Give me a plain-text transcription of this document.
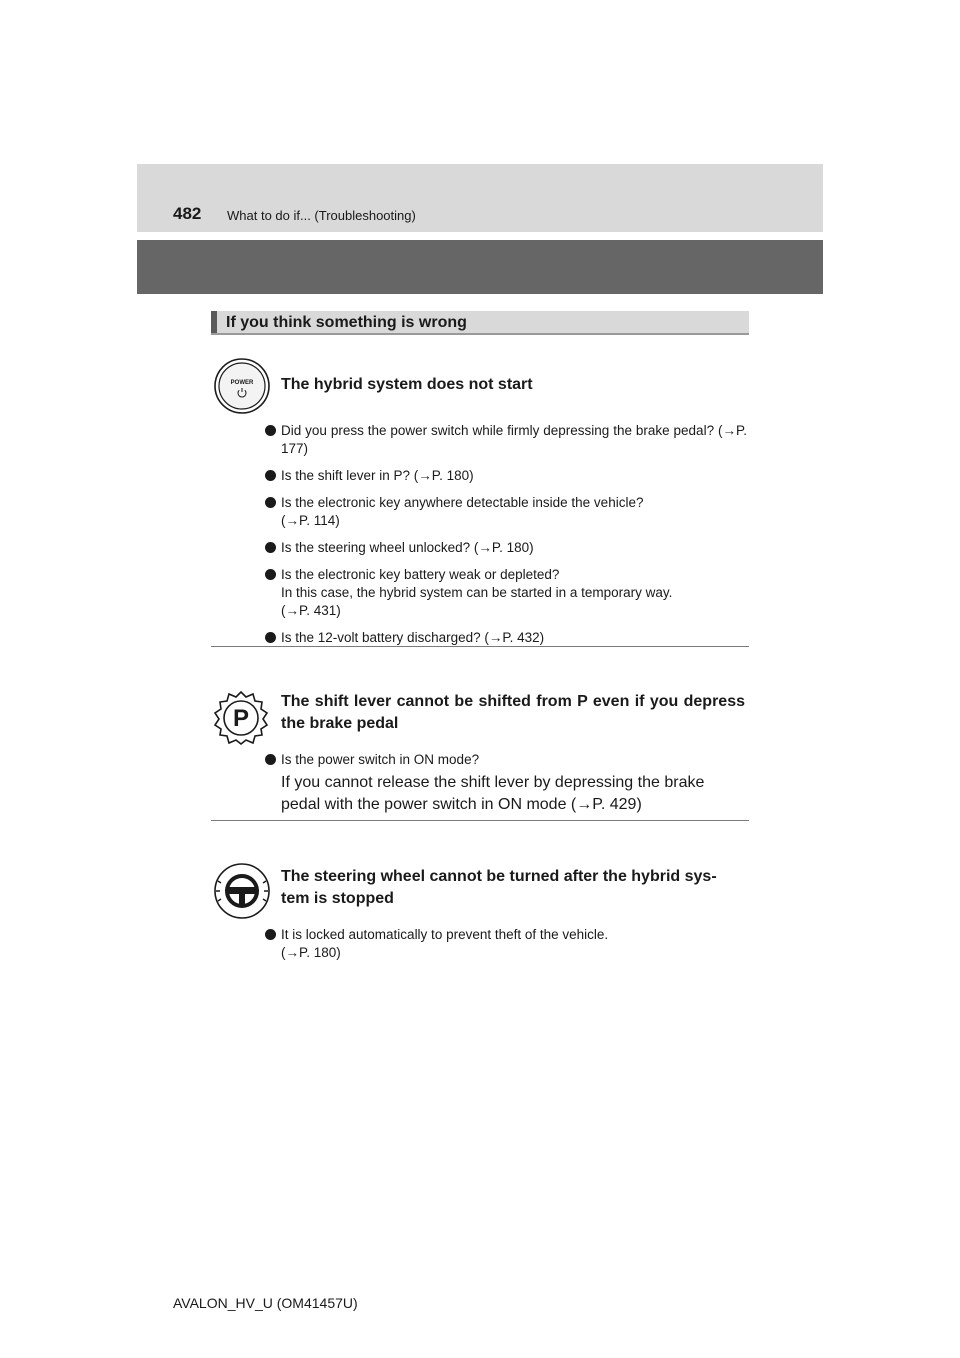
482 What to do if... (Troubleshooting)
If you think something is wrong
POWER The hybrid system does not start
Did you press the power switch while firmly depressing the brake pedal? (→P. 177)
Is the shift lever in P? (→P. 180)
Is the electronic key anywhere detectable inside the vehicle?
(→P. 114)
Is the steering wheel unlocked? (→P. 180)
Is the electronic key battery weak or depleted?
In this case, the hybrid system can be started in a temporary way.
(→P. 431)
Is the 12-volt battery discharged? (→P. 432)
P
The shift lever cannot be shifted from P even if you depress the brake pedal
Is the power switch in ON mode?
If you cannot release the shift lever by depressing the brake
pedal with the power switch in ON mode (→P. 429)
The steering wheel cannot be turned after the hybrid sys-
tem is stopped
It is locked automatically to prevent theft of the vehicle.
(→P. 180)
AVALON_HV_U (OM41457U)
